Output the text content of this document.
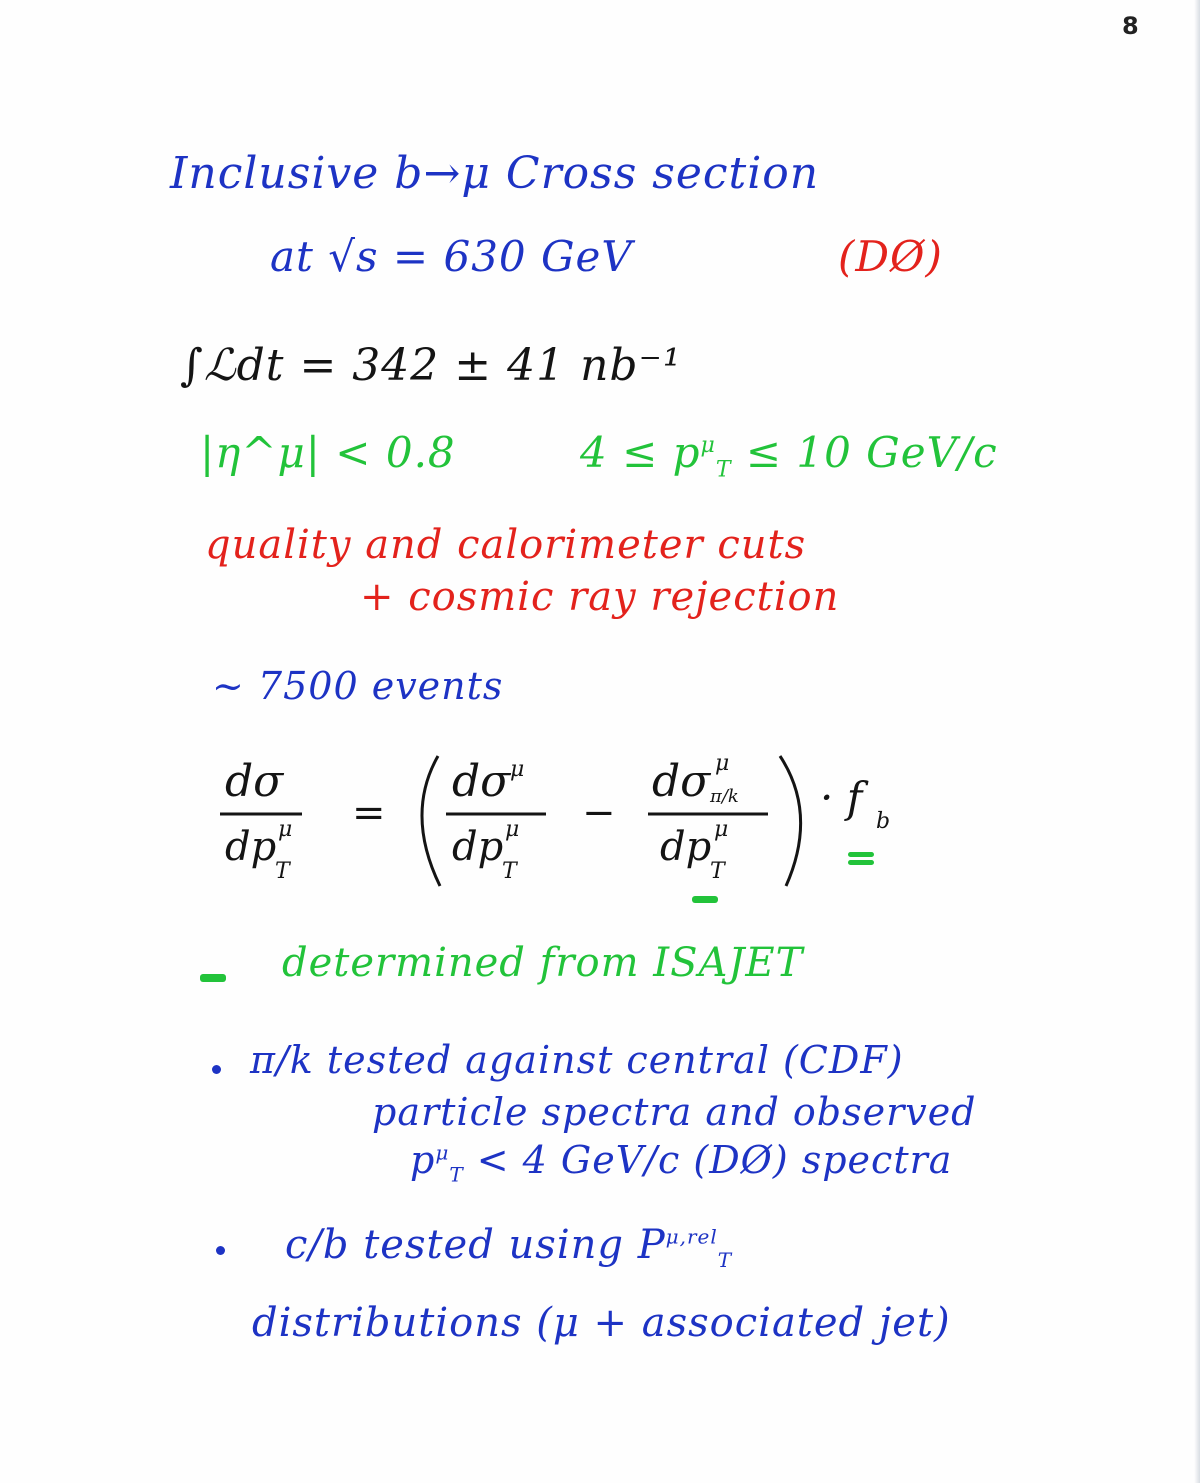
8
Inclusive b→μ Cross section
at √s = 630 GeV	(DØ)
∫ℒdt = 342 ± 41 nb⁻¹
|η^μ| < 0.8	$4 \le p^\mu_T \le 10$ GeV/c
quality and calorimeter cuts
+ cosmic ray rejection
~ 7500 events
dσ
dp μ
T
=
dσ μ
dp μ
T
−
dσ μ
π/k
dp μ
T
· f b
determined from ISAJET
π/k tested against central (CDF)
particle spectra and observed
$p^\mu_T < 4$ GeV/c (DØ) spectra
c/b tested using $P^{\mu,rel}_T$
distributions (μ + associated jet)
